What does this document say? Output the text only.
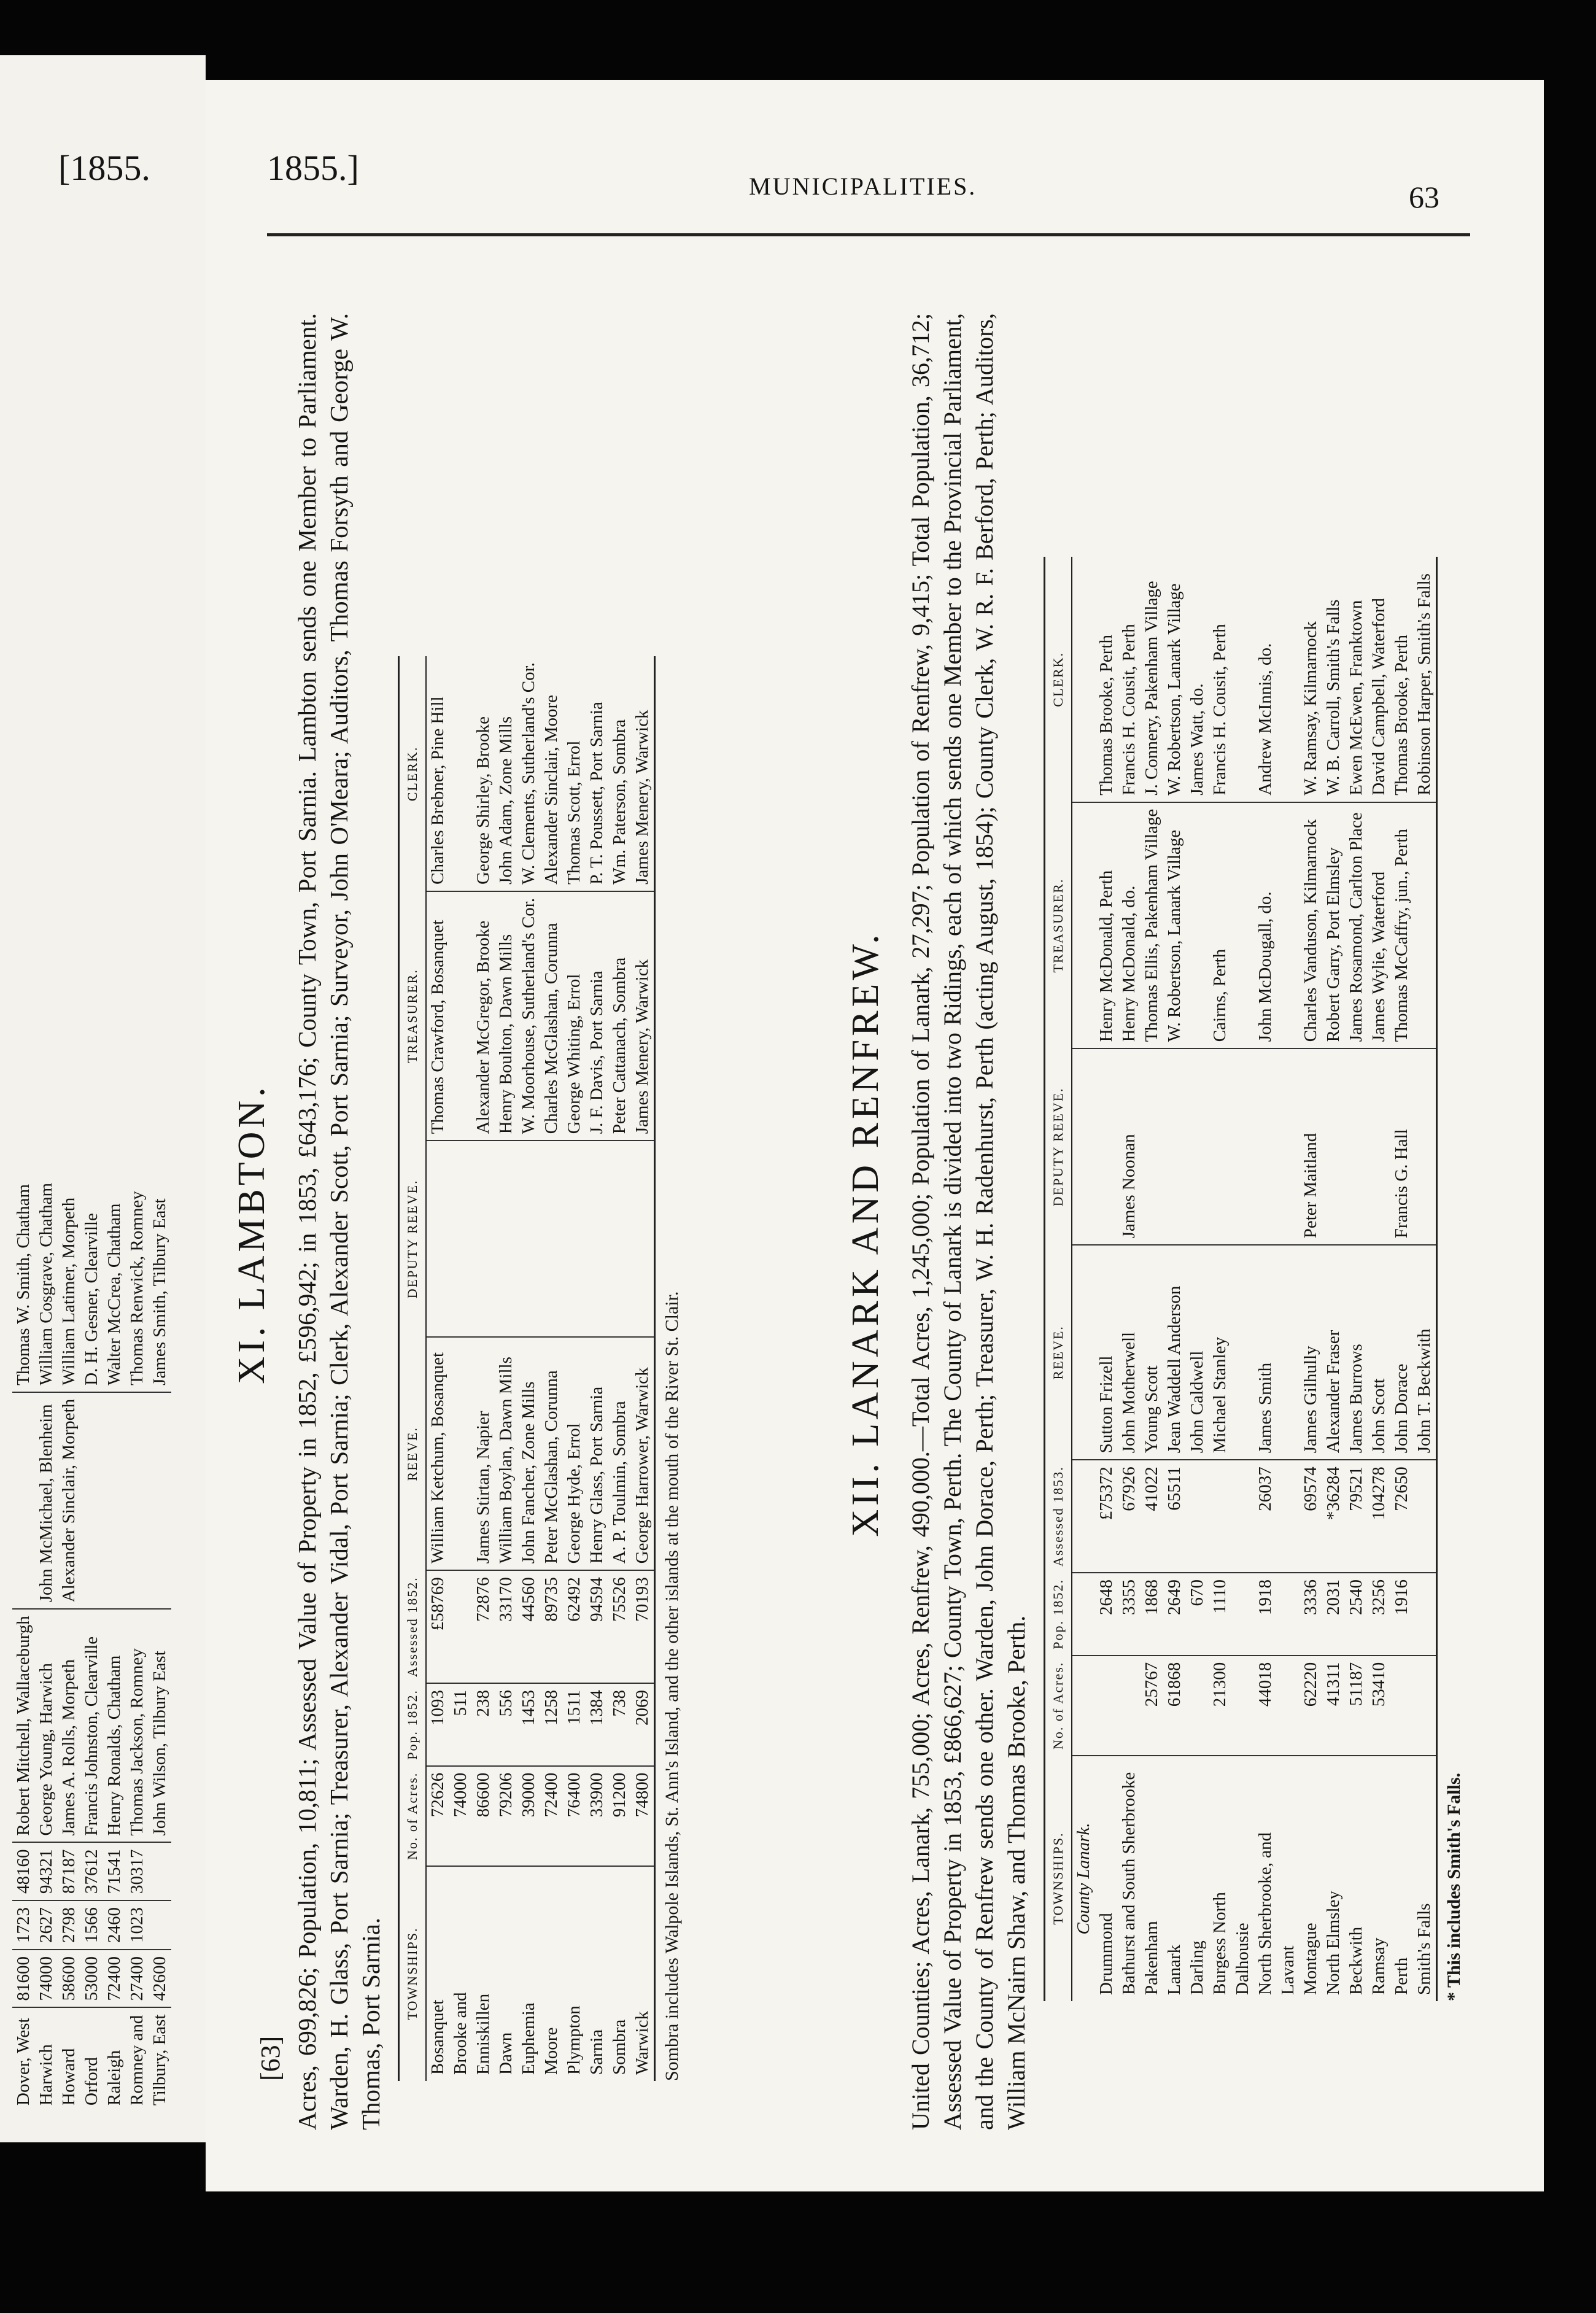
[1855.
Dover, West	81600	1723	48160	Robert Mitchell, Wallaceburgh		Thomas W. Smith, Chatham
Harwich	74000	2627	94321	George Young, Harwich	John McMichael, Blenheim	William Cosgrave, Chatham
Howard	58600	2798	87187	James A. Rolls, Morpeth	Alexander Sinclair, Morpeth	William Latimer, Morpeth
Orford	53000	1566	37612	Francis Johnston, Clearville		D. H. Gesner, Clearville
Raleigh	72400	2460	71541	Henry Ronalds, Chatham		Walter McCrea, Chatham
Romney and	27400	1023	30317	Thomas Jackson, Romney		Thomas Renwick, Romney
Tilbury, East	42600			John Wilson, Tilbury East		James Smith, Tilbury East
1855.]	MUNICIPALITIES.	63
XI. LAMBTON. Acres, 699,826; Population, 10,811; Assessed Value of Property in 1852, £596,942; in 1853, £643,176; County Town, Port Sarnia. Lambton sends one Member to Parliament. Warden, H. Glass, Port Sarnia; Treasurer, Alexander Vidal, Port Sarnia; Clerk, Alexander Scott, Port Sarnia; Surveyor, John O'Meara; Auditors, Thomas Forsyth and George W. Thomas, Port Sarnia. TOWNSHIPS.	No. of Acres.	Pop. 1852.	Assessed 1852.	REEVE.	DEPUTY REEVE.	TREASURER.	CLERK.
Bosanquet	72626	1093	£58769	William Ketchum, Bosanquet		Thomas Crawford, Bosanquet	Charles Brebner, Pine Hill
Brooke and	74000	511					
Enniskillen	86600	238	72876	James Stirtan, Napier		Alexander McGregor, Brooke	George Shirley, Brooke
Dawn	79206	556	33170	William Boylan, Dawn Mills		Henry Boulton, Dawn Mills	John Adam, Zone Mills
Euphemia	39000	1453	44560	John Fancher, Zone Mills		W. Moorhouse, Sutherland's Cor.	W. Clements, Sutherland's Cor.
Moore	72400	1258	89735	Peter McGlashan, Corunna		Charles McGlashan, Corunna	Alexander Sinclair, Moore
Plympton	76400	1511	62492	George Hyde, Errol		George Whiting, Errol	Thomas Scott, Errol
Sarnia	33900	1384	94594	Henry Glass, Port Sarnia		J. F. Davis, Port Sarnia	P. T. Poussett, Port Sarnia
Sombra	91200	738	75526	A. P. Toulmin, Sombra		Peter Cattanach, Sombra	Wm. Paterson, Sombra
Warwick	74800	2069	70193	George Harrower, Warwick		James Menery, Warwick	James Menery, Warwick
Sombra includes Walpole Islands, St. Ann's Island, and the other islands at the mouth of the River St. Clair.
XII. LANARK AND RENFREW. United Counties; Acres, Lanark, 755,000; Acres, Renfrew, 490,000.—Total Acres, 1,245,000; Population of Lanark, 27,297; Population of Renfrew, 9,415; Total Population, 36,712; Assessed Value of Property in 1853, £866,627; County Town, Perth. The County of Lanark is divided into two Ridings, each of which sends one Member to the Provincial Parliament, and the County of Renfrew sends one other. Warden, John Dorace, Perth; Treasurer, W. H. Radenhurst, Perth (acting August, 1854); County Clerk, W. R. F. Berford, Perth; Auditors, William McNairn Shaw, and Thomas Brooke, Perth. TOWNSHIPS.	No. of Acres.	Pop. 1852.	Assessed 1853.	REEVE.	DEPUTY REEVE.	TREASURER.	CLERK.
County Lanark.							
Drummond		2648	£75372	Sutton Frizell		Henry McDonald, Perth	Thomas Brooke, Perth
Bathurst and South Sherbrooke		3355	67926	John Motherwell	James Noonan	Henry McDonald, do.	Francis H. Cousit, Perth
Pakenham	25767	1868	41022	Young Scott		Thomas Ellis, Pakenham Village	J. Connery, Pakenham Village
Lanark	61868	2649	65511	Jean Waddell Anderson		W. Robertson, Lanark Village	W. Robertson, Lanark Village
Darling		670		John Caldwell			James Watt, do.
Burgess North	21300	1110		Michael Stanley		Cairns, Perth	Francis H. Cousit, Perth
Dalhousie							
North Sherbrooke, and	44018	1918	26037	James Smith		John McDougall, do.	Andrew McInnis, do.
Lavant							
Montague	62220	3336	69574	James Gilhully	Peter Maitland	Charles Vanduson, Kilmarnock	W. Ramsay, Kilmarnock
North Elmsley	41311	2031	*36284	Alexander Fraser		Robert Garry, Port Elmsley	W. B. Carroll, Smith's Falls
Beckwith	51187	2540	79521	James Burrows		James Rosamond, Carlton Place	Ewen McEwen, Franktown
Ramsay	53410	3256	104278	John Scott		James Wylie, Waterford	David Campbell, Waterford
Perth		1916	72650	John Dorace	Francis G. Hall	Thomas McCaffry, jun., Perth	Thomas Brooke, Perth
Smith's Falls				John T. Beckwith			Robinson Harper, Smith's Falls
* This includes Smith's Falls.
[63]
